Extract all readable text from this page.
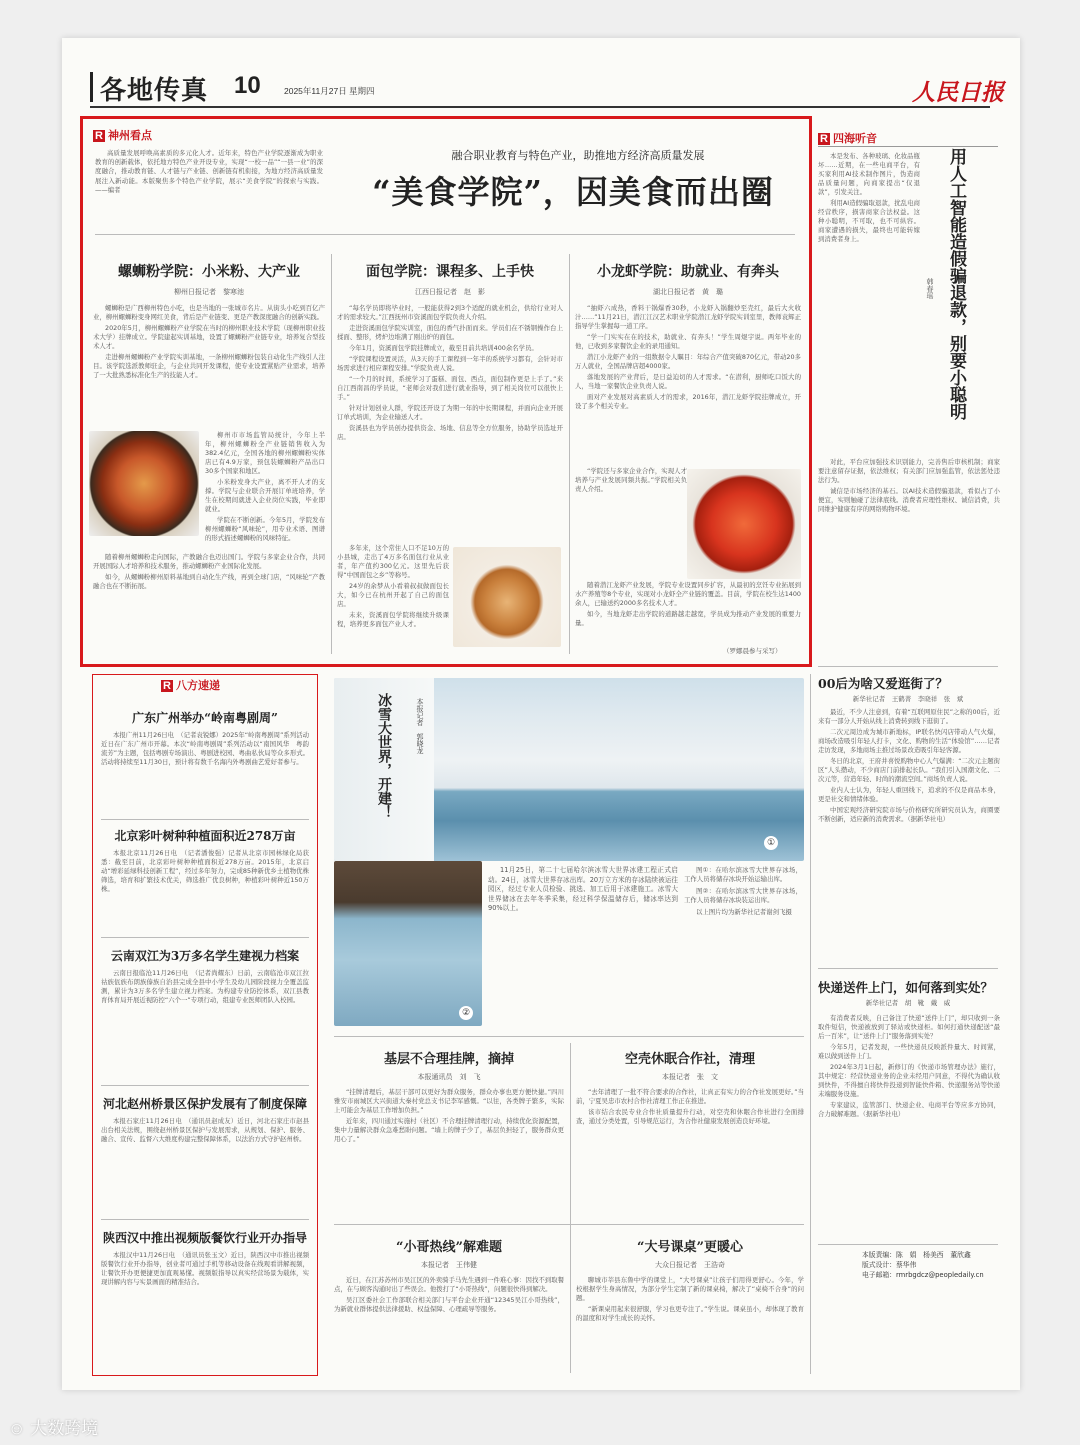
各地传真 10	2025年11月27日 星期四	人民日报
R 神州看点

高质量发展呼唤高素质的多元化人才。近年来，特色产业学院逐渐成为职业教育的创新载体，依托地方特色产业开设专业，实现“一校一品”“一县一业”的深度融合，推动教育链、人才链与产业链、创新链有机衔接，为地方经济高质量发展注入新动能。本版聚焦多个特色产业学院，展示“美食学院”的探索与实践。——编者

融合职业教育与特色产业，助推地方经济高质量发展
“美食学院”，因美食而出圈
螺蛳粉学院：小米粉、大产业
柳州日报记者　黎寒池

螺蛳粉是广西柳州特色小吃，也是当地的一张城市名片。从街头小吃到百亿产业，柳州螺蛳粉变身网红美食，背后是产业链变、更是产教深度融合的创新实践。

2020年5月，柳州螺蛳粉产业学院在当时的柳州职业技术学院（现柳州职业技术大学）挂牌成立。学院建起实训基地，设置了螺蛳粉产业链专业，培养复合型技术人才。

走进柳州螺蛳粉产业学院实训基地，一条柳州螺蛳粉包装自动化生产线引人注目。该学院选派教师驻企，与企业共同开发课程，使专业设置紧贴产业需求，培养了一大批熟悉标准化生产的技能人才。

柳州市市场监管局统计，今年上半年，柳州螺蛳粉全产业链销售收入为382.4亿元，全国各地的柳州螺蛳粉实体店已有4.9万家，预包装螺蛳粉产品出口30多个国家和地区。

小米粉发身大产业，离不开人才的支撑。学院与企业联合开展订单班培养，学生在校期间就进入企业岗位实践，毕业即就业。

学院在不断创新。今年5月，学院发布柳州螺蛳粉“风味轮”，用专业术语、图谱的形式描述螺蛳粉的风味特征。

随着柳州螺蛳粉走向国际，产教融合也迈出国门。学院与多家企业合作，共同开展国际人才培养和技术服务，推动螺蛳粉产业国际化发展。

如今，从螺蛳粉柳州原料基地到自动化生产线，再到全球门店，“风味轮”产教融合也在不断拓展。

面包学院：课程多、上手快
江西日报记者　赵　影

“每名学员即将毕业时，一般能获得2到3个适配的就业机会，供给行业对人才的需求较大。”江西抚州市资溪面包学院负责人介绍。

走进资溪面包学院实训室，面包的香气扑面而来。学员们在不锈钢操作台上揉面、整形，烤炉边堆满了刚出炉的面包。

今年1月，资溪面包学院挂牌成立，截至目前共培训400余名学员。

“学院课程设置灵活，从3天的手工课程到一年半的系统学习都有，会针对市场需求进行相应课程安排。”学院负责人说。

“一个月的时间，系统学习了蛋糕、面包、西点，面包制作更是上手了。”来自江西南昌的学员说，“老师会对我们进行就业指导，到了相关岗位可以很快上手。”

针对计划创业人群，学院还开设了为期一年的中长期课程，并面向企业开展订单式培训，为企业输送人才。

资溪县也为学员创办提供资金、场地、信息等全方位服务，协助学员选址开店。

多年来，这个常住人口不足10万的小县城，走出了4万多名面包行业从业者，年产值约300亿元。这里先后获得“中国面包之乡”等称号。

24岁的余梦从小看着叔叔做面包长大，如今已在杭州开起了自己的面包店。

未来，资溪面包学院将继续升级课程，培养更多面包产业人才。

小龙虾学院：助就业、有奔头
湖北日报记者　黄　璐

“抽虾六成热，香料干锅爆香30秒，小龙虾入锅翻炒至壳红，最后大火收汁……”11月21日，潜江江汉艺术职业学院潜江龙虾学院实训室里，教师袁辉正指导学生掌握每一道工序。

“学一门实实在在的技术，助就业、有奔头！”学生周煜宇说。两年毕业的他，已收到多家餐饮企业的录用通知。

潜江小龙虾产业的一组数据令人瞩目：年综合产值突破870亿元，带动20多万人就业，全国品牌店超4000家。

落地发展的产业背后，是日益迫切的人才需求。“在潜利，厨师吃口饭大的人，当地一家餐饮企业负责人说。

面对产业发展对高素质人才的需求，2016年，潜江龙虾学院挂牌成立，开设了多个相关专业。

“学院还与多家企业合作，实现人才培养与产业发展同频共振。”学院相关负责人介绍。

随着潜江龙虾产业发展，学院专业设置同步扩容，从最初的烹饪专业拓展到水产养殖等8个专业，实现对小龙虾全产业链的覆盖。目前，学院在校生达1400余人，已输送约2000多名技术人才。

如今，当地龙虾走出学院的道路越走越宽，学员成为推动产业发展的重要力量。

（罗娜晨参与采写）
R 四海听音
用人工智能造假骗退款，别要小聪明
韩春瑶

本是发布、各种玻璃、化妆品瓶坏……近期，在一些电商平台，有买家利用AI技术制作图片，伪造商品质量问题，向商家提出“仅退款”，引发关注。

利用AI造假骗取退款，扰乱电商经营秩序，损害商家合法权益。这种小聪明，不可取，也不可纵容。商家遭遇的损失，最终也可能转嫁到消费者身上。

对此，平台应加强技术识别能力，完善售后审核机制；商家要注意留存证据，依法维权；有关部门应加强监管，依法惩处违法行为。

诚信是市场经济的基石。以AI技术造假骗退款，看似占了小便宜，实则触碰了法律底线。消费者应理性维权、诚信消费，共同维护健康有序的网络购物环境。

00后为啥又爱逛街了？
新华社记者　王鹤菁　李晓祥　张　斌

最近，不少人注意到，有着“互联网原住民”之称的00后，近来有一部分人开始从线上消费转到线下逛街了。

二次元周边成为城市新地标，IP联名快闪店带动人气火爆，商场改造吸引年轻人打卡，文化、购物的生活“体验馆”……记者走访发现，多地商场主推过场景改造吸引年轻客源。

冬日的北京，王府井喜悦购物中心人气爆满：“二次元主题街区”人头攒动，不少商店门前排起长队。“我们引入国潮文化、二次元等，营造年轻、时尚的潮流空间。”商场负责人说。

业内人士认为，年轻人重回线下，追求的不仅是商品本身，更是社交和情绪体验。

中国宏观经济研究院市场与价格研究所研究员认为，商圈要不断创新，适应新的消费需求。（据新华社电）

快递送件上门，如何落到实处？
新华社记者　胡　靴　戴　威

有消费者反映，自己备注了快递“送件上门”，却只收到一条取件短信，快递被放到了驿站或快递柜。如何打通快递配送“最后一百米”，让“送件上门”服务落到实处？

今年5月，记者发现，一些快递员反映派件量大、时间紧，难以做到送件上门。

2024年3月1日起，新修订的《快递市场管理办法》施行，其中规定：经营快递业务的企业未经用户同意，不得代为确认收到快件，不得擅自将快件投递到智能快件箱、快递服务站等快递末端服务设施。

专家建议，监管部门、快递企业、电商平台等应多方协同，合力破解难题。（据新华社电）

本版责编：陈　娟　杨美西　董欣鑫
版式设计：蔡华伟
电子邮箱：rmrbgdcz@peopledaily.cn
R 八方速递
广东广州举办“岭南粤剧周”

本报广州11月26日电　（记者袁锐娜）2025年“岭南粤剧周”系列活动近日在广东广州市开幕。本次“岭南粤剧周”系列活动以“南国风华　粤韵流芳”为主题，包括粤剧专场演出、粤剧进校园、粤曲私伙局等众多形式。活动将持续至11月30日，预计将有数千名海内外粤剧曲艺爱好者参与。

北京彩叶树种种植面积近278万亩

本报北京11月26日电　（记者潘俊强）记者从北京市园林绿化局获悉：截至目前，北京彩叶树种种植面积近278万亩。2015年，北京启动“增彩延绿科技创新工程”，经过多年努力，完成85种新优乡土植物优株筛选，培育和扩繁技术优关，筛选推广优良树种，种植彩叶树种近150万株。

云南双江为3万多名学生建视力档案

云南日报临沧11月26日电　（记者尚耀东）日前，云南临沧市双江拉祜族佤族布朗族傣族自治县完成全县中小学生及幼儿园阶段视力全覆盖监测，累计为3万多名学生建立视力档案。为构建专业防控体系，双江县教育体育局开展近视防控“六个一”专项行动，组建专业医师团队入校园。

河北赵州桥景区保护发展有了制度保障

本报石家庄11月26日电　（通讯员赵成友）近日，河北石家庄市赵县出台相关法规，围绕赵州桥景区保护与发展需求，从规划、保护、服务、融合、宣传、监督六大维度构建完整保障体系，以法治方式守护赵州桥。

陕西汉中推出视频版餐饮行业开办指导

本报汉中11月26日电　（通讯员张玉文）近日，陕西汉中市推出视频版餐饮行业开办指导，创业者可通过手机等移动设备在线观看讲解视频，让餐饮开办更便捷更加直观易懂。视频版指导以真实经营场景为载体，实现讲解内容与实景画面的精准结合。

①
冰雪大世界，开建！	本报记者　郭晓龙
②

11月25日，第二十七届哈尔滨冰雪大世界冰建工程正式启动。24日，冰雪大世界存冰出库。20万立方米的存冰陆续被运往园区，经过专业人员检验、挑选、加工后用于冰建施工。冰雪大世界储冰在去年冬季采集，经过科学保温储存后，储冰率达到90%以上。

图①：在哈尔滨冰雪大世界存冰场，工作人员将储存冰块开始运输出库。

图②：在哈尔滨冰雪大世界存冰场，工作人员将储存冰块装运出库。

以上图片均为新华社记者谢剑飞摄

基层不合理挂牌，摘掉
本报通讯员　刘　飞

“挂牌清理后，基层干部可以更好为群众服务，群众办事也更方便快捷。”四川雅安市雨城区大兴街道大秦村党总支书记李军感慨。“以往，各类牌子繁多，实际上可能会为基层工作增加负担。”

近年来，四川通过实施村（社区）不合理挂牌清理行动，持续优化资源配置，集中力量解决群众急难愁盼问题。“墙上的牌子少了，基层负担轻了，服务群众更用心了。”

空壳休眠合作社，清理
本报记者　张　文

“去年清理了一批不符合要求的合作社，让真正有实力的合作社发展更好。”当前，宁夏吴忠市农村合作社清理工作正在推进。

该市结合农民专业合作社质量提升行动，对空壳和休眠合作社进行全面排查，通过分类处置，引导规范运行，为合作社健康发展创造良好环境。

“小哥热线”解难题
本报记者　王伟健

近日，在江苏苏州市吴江区的外卖骑手马先生遇到一件难心事：因找不到取餐点，在与顾客沟通时出了些误会。他拨打了“小哥热线”，问题很快得到解决。

吴江区委社会工作部联合相关部门与平台企业开通“12345吴江小哥热线”，为新就业群体提供法律援助、权益保障、心理疏导等服务。

“大号课桌”更暖心
大众日报记者　王浩奇

聊城市莘县东鲁中学的课堂上，“大号课桌”让孩子们用得更舒心。今年，学校根据学生身高情况，为部分学生定制了新的课桌椅，解决了“桌椅不合身”的问题。

“新课桌用起来很舒服，学习也更专注了。”学生说。课桌虽小，却体现了教育的温度和对学生成长的关怀。

☺ 大数跨境
